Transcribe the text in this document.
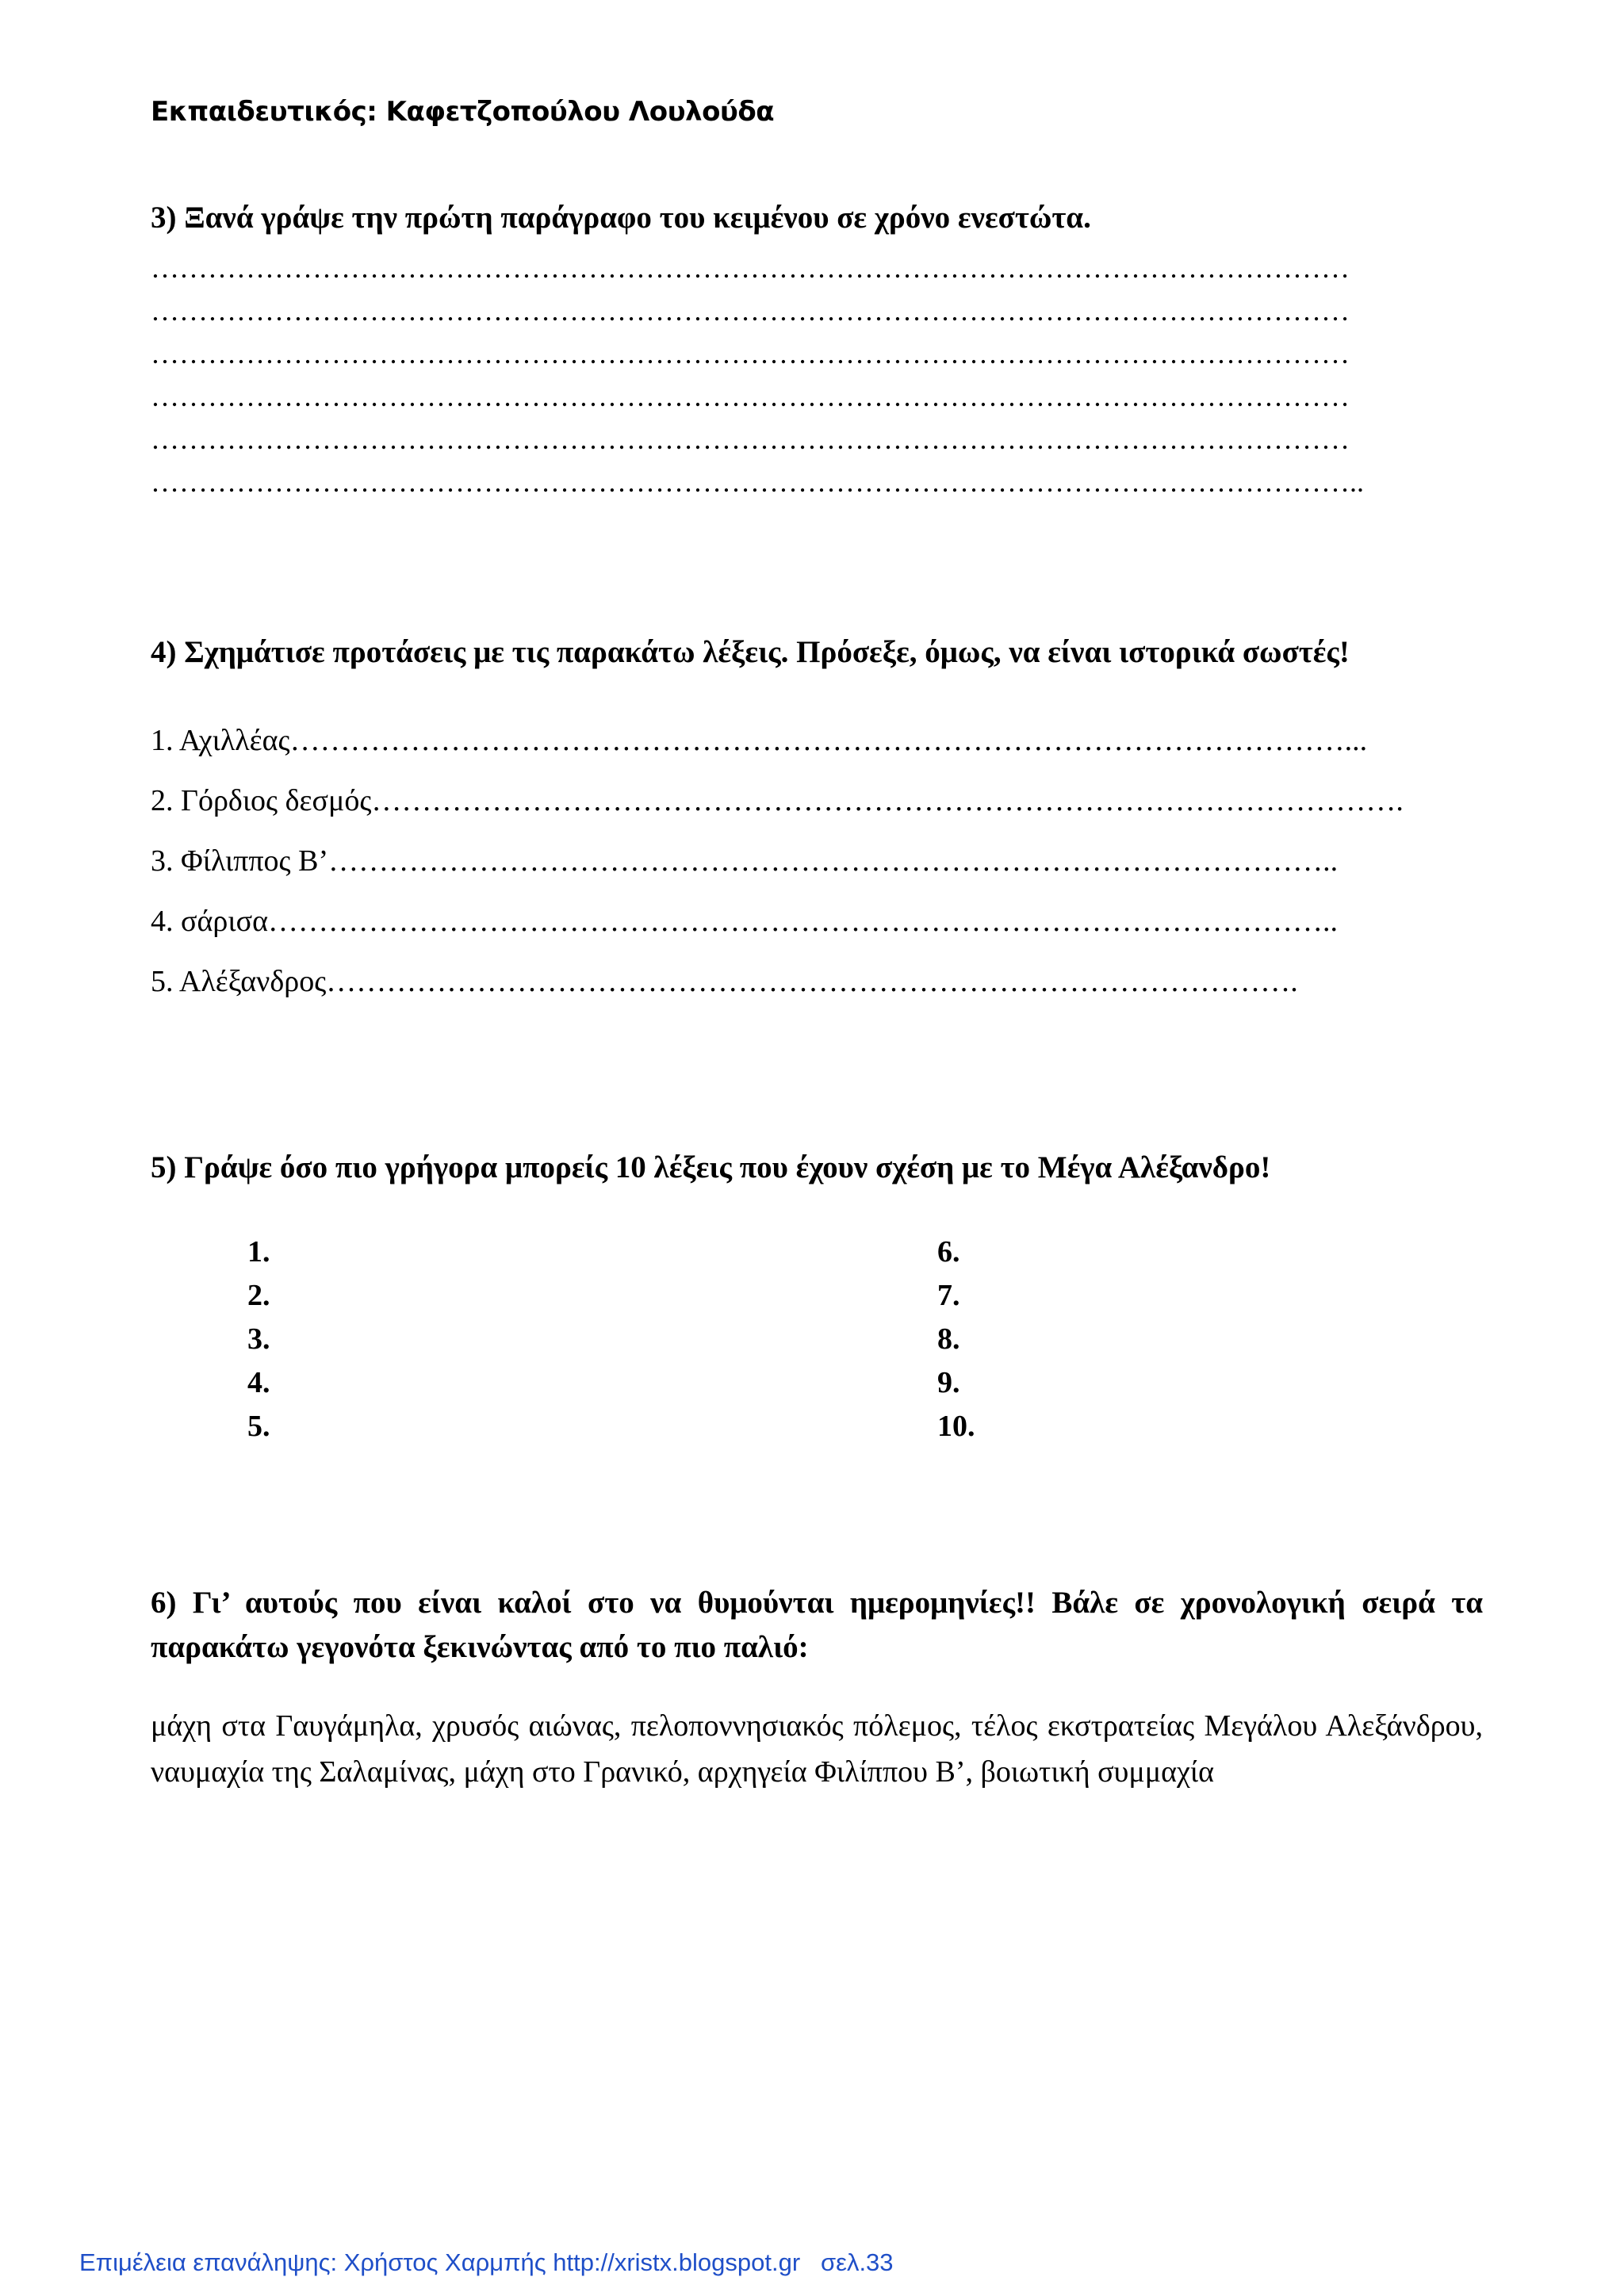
Εκπαιδευτικός: Καφετζοπούλου Λουλούδα
3) Ξανά γράψε την πρώτη παράγραφο του κειμένου σε χρόνο ενεστώτα.
………………………………………………………………………………………………………………
………………………………………………………………………………………………………………
………………………………………………………………………………………………………………
………………………………………………………………………………………………………………
………………………………………………………………………………………………………………
………………………………………………………………………………………………………………..
4) Σχημάτισε προτάσεις με τις παρακάτω λέξεις. Πρόσεξε, όμως, να είναι ιστορικά σωστές!
1. Αχιλλέας……………………………………………………………………………………………...
2. Γόρδιος δεσμός………………………………………………………………………………………….
3. Φίλιππος Β’………………………………………………………………………………………..
4. σάρισα……………………………………………………………………………………………..
5. Αλέξανδρος…………………………………………………………………………………….
5) Γράψε όσο πιο γρήγορα μπορείς 10 λέξεις που έχουν σχέση με το Μέγα Αλέξανδρο!
1.
2.
3.
4.
5.
6.
7.
8.
9.
10.
6) Γι’ αυτούς που είναι καλοί στο να θυμούνται ημερομηνίες!! Βάλε σε χρονολογική σειρά τα παρακάτω γεγονότα ξεκινώντας από το πιο παλιό:
μάχη στα Γαυγάμηλα, χρυσός αιώνας, πελοποννησιακός πόλεμος, τέλος εκστρατείας Μεγάλου Αλεξάνδρου, ναυμαχία της Σαλαμίνας, μάχη στο Γρανικό, αρχηγεία Φιλίππου Β’, βοιωτική συμμαχία
Επιμέλεια επανάληψης: Χρήστος Χαρμπής http://xristx.blogspot.gr   σελ.33
